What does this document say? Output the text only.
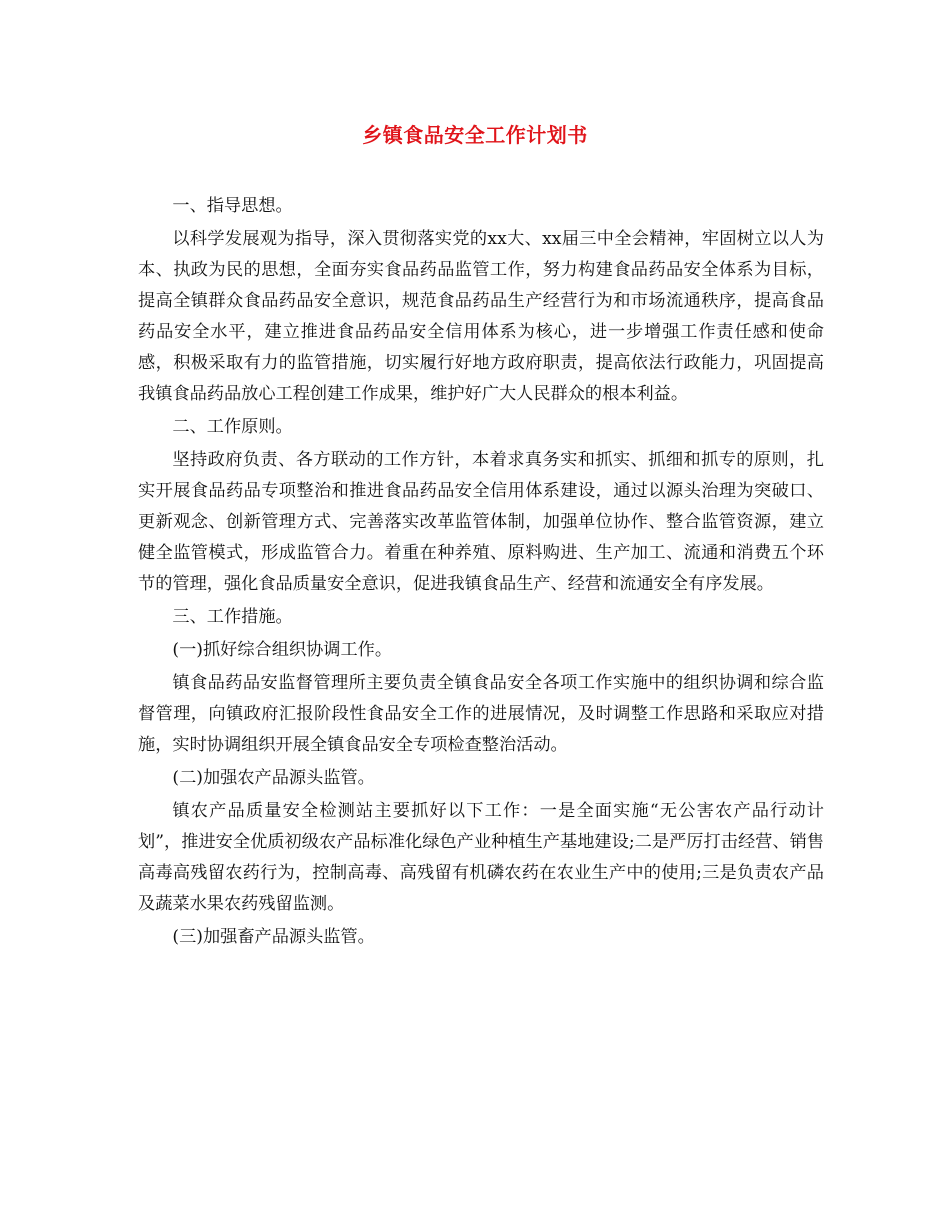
乡镇食品安全工作计划书

一、指导思想。

以科学发展观为指导，深入贯彻落实党的xx大、xx届三中全会精神，牢固树立以人为本、执政为民的思想，全面夯实食品药品监管工作，努力构建食品药品安全体系为目标，提高全镇群众食品药品安全意识，规范食品药品生产经营行为和市场流通秩序，提高食品药品安全水平，建立推进食品药品安全信用体系为核心，进一步增强工作责任感和使命感，积极采取有力的监管措施，切实履行好地方政府职责，提高依法行政能力，巩固提高我镇食品药品放心工程创建工作成果，维护好广大人民群众的根本利益。

二、工作原则。

坚持政府负责、各方联动的工作方针，本着求真务实和抓实、抓细和抓专的原则，扎实开展食品药品专项整治和推进食品药品安全信用体系建设，通过以源头治理为突破口、更新观念、创新管理方式、完善落实改革监管体制，加强单位协作、整合监管资源，建立健全监管模式，形成监管合力。着重在种养殖、原料购进、生产加工、流通和消费五个环节的管理，强化食品质量安全意识，促进我镇食品生产、经营和流通安全有序发展。

三、工作措施。

(一)抓好综合组织协调工作。

镇食品药品安监督管理所主要负责全镇食品安全各项工作实施中的组织协调和综合监督管理，向镇政府汇报阶段性食品安全工作的进展情况，及时调整工作思路和采取应对措施，实时协调组织开展全镇食品安全专项检查整治活动。

(二)加强农产品源头监管。

镇农产品质量安全检测站主要抓好以下工作：一是全面实施“无公害农产品行动计划”，推进安全优质初级农产品标准化绿色产业种植生产基地建设;二是严厉打击经营、销售高毒高残留农药行为，控制高毒、高残留有机磷农药在农业生产中的使用;三是负责农产品及蔬菜水果农药残留监测。

(三)加强畜产品源头监管。
